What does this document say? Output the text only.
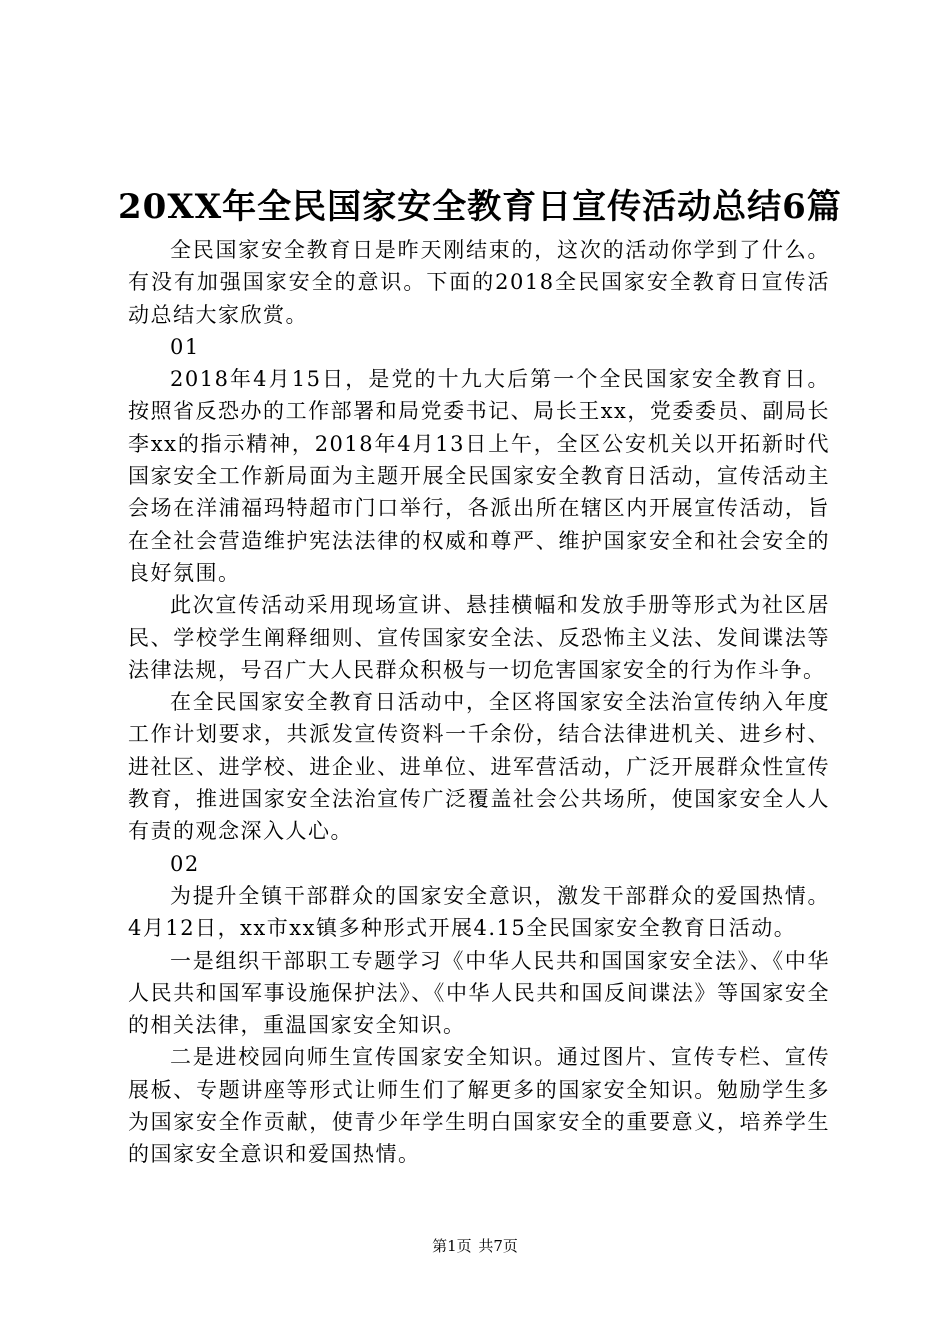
20XX年全民国家安全教育日宣传活动总结6篇

全民国家安全教育日是昨天刚结束的，这次的活动你学到了什么。有没有加强国家安全的意识。下面的2018全民国家安全教育日宣传活动总结大家欣赏。

01

2018年4月15日，是党的十九大后第一个全民国家安全教育日。按照省反恐办的工作部署和局党委书记、局长王xx，党委委员、副局长李xx的指示精神，2018年4月13日上午，全区公安机关以开拓新时代国家安全工作新局面为主题开展全民国家安全教育日活动，宣传活动主会场在洋浦福玛特超市门口举行，各派出所在辖区内开展宣传活动，旨在全社会营造维护宪法法律的权威和尊严、维护国家安全和社会安全的良好氛围。

此次宣传活动采用现场宣讲、悬挂横幅和发放手册等形式为社区居民、学校学生阐释细则、宣传国家安全法、反恐怖主义法、发间谍法等法律法规，号召广大人民群众积极与一切危害国家安全的行为作斗争。

在全民国家安全教育日活动中，全区将国家安全法治宣传纳入年度工作计划要求，共派发宣传资料一千余份，结合法律进机关、进乡村、进社区、进学校、进企业、进单位、进军营活动，广泛开展群众性宣传教育，推进国家安全法治宣传广泛覆盖社会公共场所，使国家安全人人有责的观念深入人心。

02

为提升全镇干部群众的国家安全意识，激发干部群众的爱国热情。4月12日，xx市xx镇多种形式开展4.15全民国家安全教育日活动。

一是组织干部职工专题学习《中华人民共和国国家安全法》、《中华人民共和国军事设施保护法》、《中华人民共和国反间谍法》等国家安全的相关法律，重温国家安全知识。

二是进校园向师生宣传国家安全知识。通过图片、宣传专栏、宣传展板、专题讲座等形式让师生们了解更多的国家安全知识。勉励学生多为国家安全作贡献，使青少年学生明白国家安全的重要意义，培养学生的国家安全意识和爱国热情。

第1页 共7页
